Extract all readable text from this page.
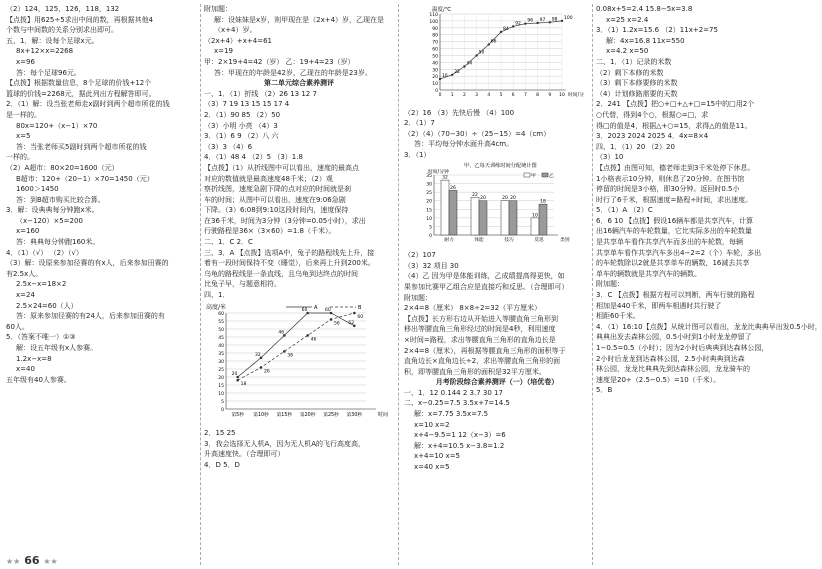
（2）124，125，126，118，132
【点拨】用625÷5求出中间的数，再根据其他4
个数与中间数的关系分别求出即可。
五、1．解：设每个足球x元。
8x+12×x=2268
x=96
答：每个足球96元。
【点拨】根据数量信息，8个足球的价钱+12个
篮球的价钱=2268元，据此列出方程解答即可。
2．（1）解：设当张老师走x副时到两个超市所花的钱
是一样的。
80x=120+（x−1）×70
x=5
答：当张老师买5副时到两个超市所花的钱
一样的。
（2）A超市：80×20=1600（元）
B超市：120+（20−1）×70=1450（元）
1600＞1450
答：到B超市购买比较合算。
3．解：设典典每分钟跑x米。
（x−120）×5=200
x=160
答：典典每分钟跑160米。
4．（1）（√） （2）（√）
（3）解：设原来参加径赛的有x人，后来参加田赛的
有2.5x人。
2.5x−x=18×2
x=24
2.5×24=60（人）
答：原来参加径赛的有24人，后来参加田赛的有
60人。
5．（答案不唯一）①③
解：设五年级有x人参赛。
1.2x−x=8
x=40
五年级有40人参赛。
附加题：
解：设妹妹是x岁，则甲现在是（2x+4）岁，乙现在是
（x+4）岁。
（2x+4）+x+4=61
x=19
甲：2×19+4=42（岁） 乙：19+4=23（岁）
答：甲现在的年龄是42岁，乙现在的年龄是23岁。
第二单元综合素养测评
一、1．（1）折线 （2）26 13 12 7
（3）7 19 13 15 15 17 4
2．（1）90 85 （2）50
（3）小明 小亮 （4）3
3．（1）6 9 （2）八 六
（3）3 （4）6
4．（1）48 4 （2）5 （3）1.8
【点拨】（1）从折线图中可以看出，速度的最高点
对应的数值就是最高速度48千米；（2）观
察折线图，速度急剧下降的点对应的时间就是刹
车的时间；从图中可以看出，速度在9:06急剧
下降。（3）6:08到9:10这段时间内，速度保持
在36千米，时间为3分钟（3分钟=0.05小时），求出
行驶路程是36×（3×60）=1.8（千米）。
二、1．C 2．C
三、3．A 【点拨】选项A中，兔子的路程线先上升，接
着有一段时间保持不变（睡觉），后来再上升到200米。
乌龟的路程线是一条直线，且乌龟到达终点的时间
比兔子早，与题意相符。
四、1．
高度/米
0
5
10
15
20
25
30
35
40
45
50
55
60
第5秒 第10秒 第15秒 第20秒 第25秒 第30秒	时间
20
32
46
60	60
52
18
26
36
46
56
60
A	B
2．15 25
3．我会选择无人机A，因为无人机A的飞行高度高，
升高速度快。（合理即可）
4．D 5．D
温度/℃
0
10
20
30
40
50
60
70
80
90
100
110
0 1 2 3 4 5 6 7 8 9 10 时间/分
16
22
34
50
66
84
92
96 97 98 100
（2）16 （3）先快后慢 （4）100
2．（1）7
（2）（4）（70−30）÷（25−15）=4（cm）
答：平均每分钟水面升高4cm。
3．（1）
甲、乙每天训练时间分配统计图
时间/分钟
0
5
10
15
20
25
30
35 32
26
耐力
22
20
体能
20 20
技巧
10
18
反思	类别
甲	乙
（2）107
（3）32 项目 30
（4）乙 因为甲是体能训练，乙成绩提高得更快，如
果参加比赛甲乙组合应是直接巧和反思。（合理即可）
附加题：
2×4=8（厘米） 8×8÷2=32（平方厘米）
【点拨】长方形右边从开始进入等腰直角三角形到
移出等腰直角三角形经过的时间是4秒，利用速度
×时间=路程，求出等腰直角三角形的直角边长是
2×4=8（厘米），再根据等腰直角三角形的面积等于
直角边长×直角边长÷2，求出等腰直角三角形的面
积，即等腰直角三角形的面积是32平方厘米。
月考阶段综合素养测评（一）（培优卷）
一、1．12 0.144 2 3.7 30 17
二、x−0.25=7.5 3.5x+7=14.5
解：x=7.75 3.5x=7.5
x=10 x=2
x+4−9.5=1 12（x−3）=6
解：x+4=10.5 x−3.8=1.2
x+4=10 x=5
x=40 x=5
0.08x+5=2.4 15.8−5x=3.8
x=25 x=2.4
3．（1）1.2x=15.6 （2）11x+2=75
解：4x=16.8 11x=550
x=4.2 x=50
二、1．（1）记录的米数
（2）剩下本修的米数
（3）剩下本修要修的米数
（4）计划修路需要的天数
2．241 【点拨】把○+□+△+□=15中的□用2个
○代替，得到4个○，根据○=□，求
得□的值是4，根据△+○=15，求得△的值是11。
3．2023 2024 2025 4．4x=8×4
四、1．（1）20 （2）20
（3）10
【点拨】由图可知，德老师走到3千米处停下休息。
1小格表示10分钟，则休息了20分钟。在图书馆
停留的时间是3小格，即30分钟。返回时0.5小
时行了6千米，根据速度=路程÷时间，求出速度。
5．（1）A （2）C
6．6 10 【点拨】假设16辆车都是共享汽车，计算
出16辆汽车的车轮数量，它比实际多出的车轮数量
是共享单车看作共享汽车而多出的车轮数，每辆
共享单车看作共享汽车多出4−2=2（个）车轮，多出
的车轮数除以2就是共享单车的辆数，16减去共享
单车的辆数就是共享汽车的辆数。
附加题：
3．C 【点拨】根据方程可以判断，两车行驶的路程
相加是440千米，即两车相遇时共行驶了
相距60千米。
4．（1）16:10【点拨】从统计图可以看出，龙龙比典典早出发0.5小时，
典典出发去森林公园，0.5小时到1小时龙龙停留了
1−0.5=0.5（小时）；因为2小时后典典到达森林公园，
2小时后龙龙到达森林公园，2.5小时典典到达森
林公园，龙龙比典典先到达森林公园，龙龙骑车的
速度是20÷（2.5−0.5）=10（千米）。
5．B
★★ 66 ★★
